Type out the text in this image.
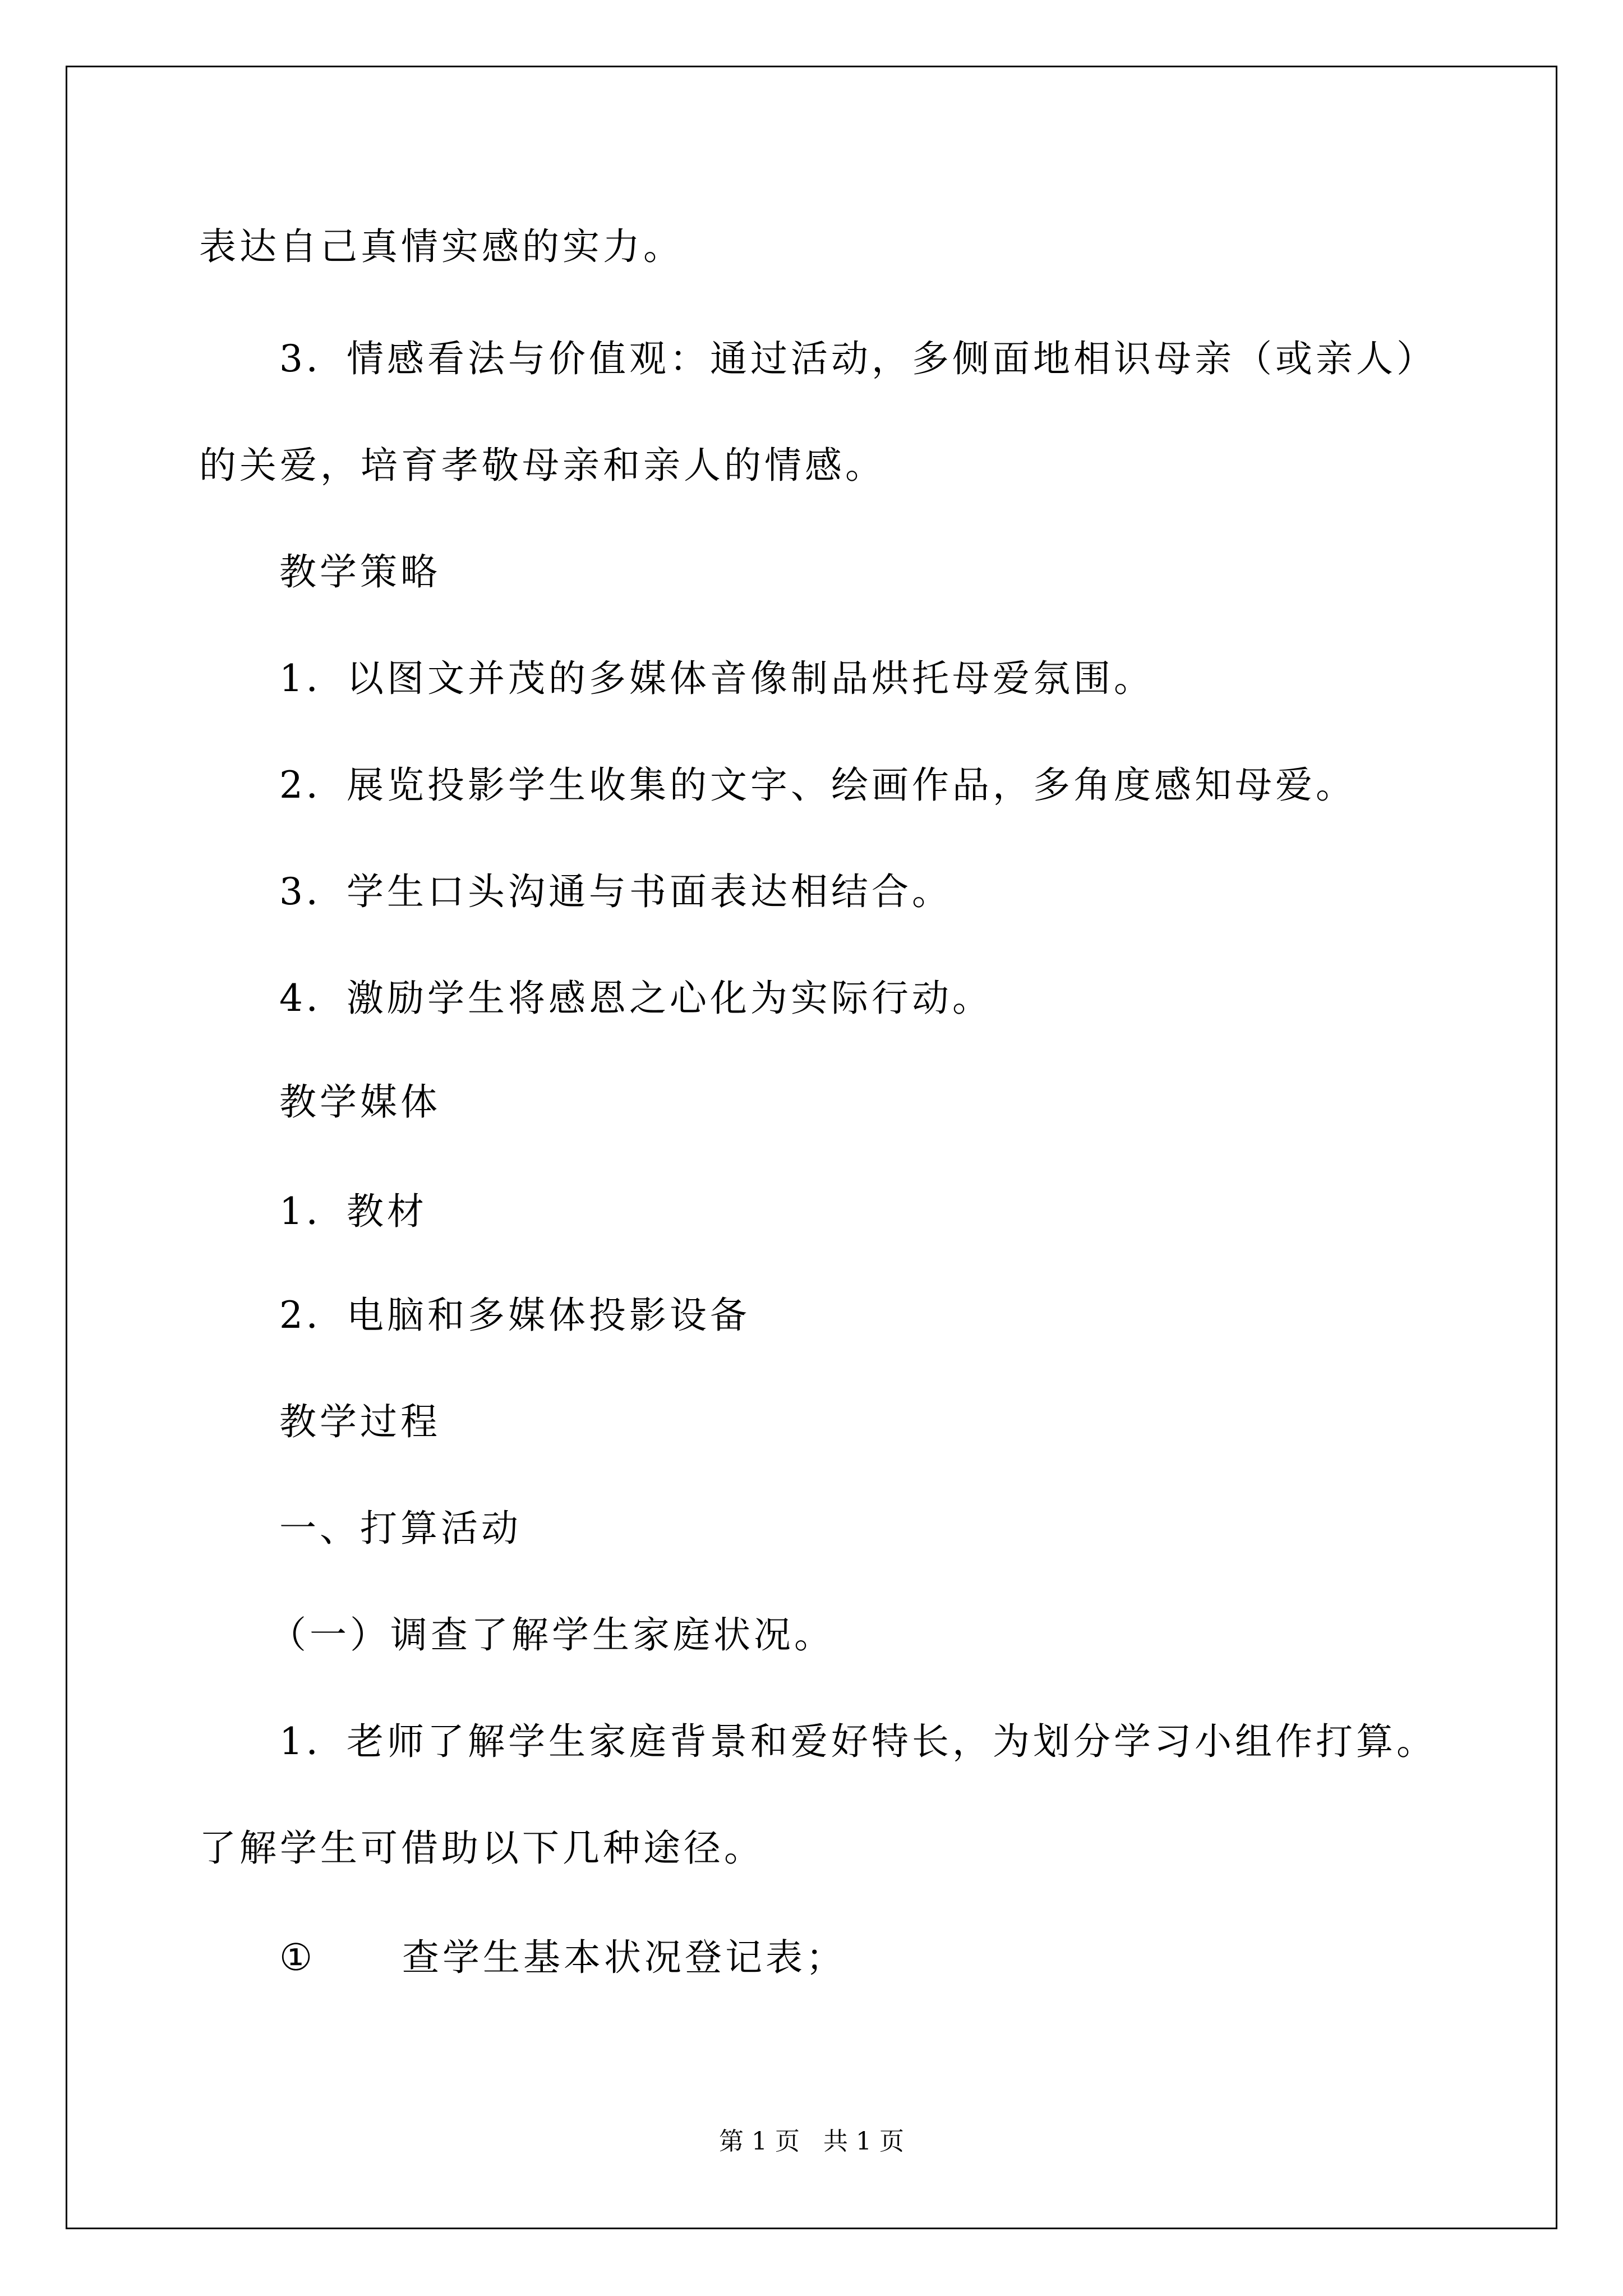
表达自己真情实感的实力。
3．情感看法与价值观：通过活动，多侧面地相识母亲（或亲人）
的关爱，培育孝敬母亲和亲人的情感。
教学策略
1．以图文并茂的多媒体音像制品烘托母爱氛围。
2．展览投影学生收集的文字、绘画作品，多角度感知母爱。
3．学生口头沟通与书面表达相结合。
4．激励学生将感恩之心化为实际行动。
教学媒体
1．教材
2．电脑和多媒体投影设备
教学过程
一、打算活动
（一）调查了解学生家庭状况。
1．老师了解学生家庭背景和爱好特长，为划分学习小组作打算。
了解学生可借助以下几种途径。
① 查学生基本状况登记表；
第 1 页   共 1 页
